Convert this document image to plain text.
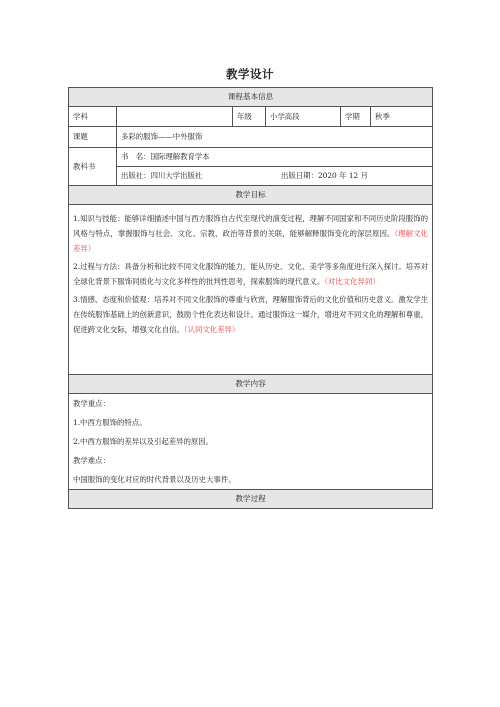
教学设计
课程基本信息					
学科		年级	小学高段	学期	秋季
课题	多彩的服饰——中外服饰				
教科书	书　名：国际理解教育学本				

	出版社：四川大学出版社 出版日期：2020 年 12 月				

教学目标					

1.知识与技能：能够详细描述中国与西方服饰自古代至现代的演变过程，理解不同国家和不同历史阶段服饰的风格与特点，掌握服饰与社会、文化、宗教、政治等背景的关联，能够解释服饰变化的深层原因。（理解文化差异）

2.过程与方法：具备分析和比较不同文化服饰的能力，能从历史、文化、美学等多角度进行深入探讨。培养对全球化背景下服饰同质化与文化多样性的批判性思考，探索服饰的现代意义。（对比文化异同）

3.情感、态度和价值观：培养对不同文化服饰的尊重与欣赏，理解服饰背后的文化价值和历史意义。激发学生在传统服饰基础上的创新意识，鼓励个性化表达和设计。通过服饰这一媒介，增进对不同文化的理解和尊重，促进跨文化交际，增强文化自信。（认同文化差异）					

教学内容					

教学重点：
1.中西方服饰的特点。
2.中西方服饰的差异以及引起差异的原因。
教学难点：
中国服饰的变化对应的时代背景以及历史大事件。					

教学过程					
